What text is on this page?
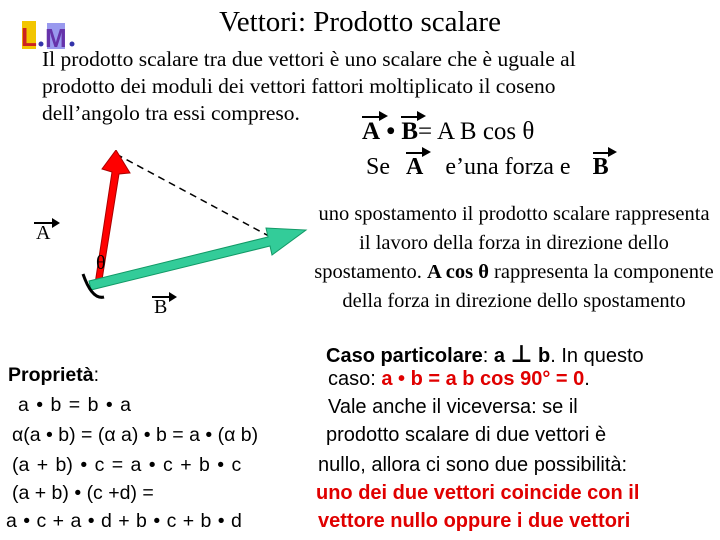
L M	Vettori: Prodotto scalare
Il prodotto scalare tra due vettori è uno scalare che è uguale al
prodotto dei moduli dei vettori fattori moltiplicato il coseno
dell’angolo tra essi compreso.
A • B= A B cos θ
Se A e’una forza e B
uno spostamento il prodotto scalare rappresenta il lavoro della forza in direzione dello spostamento. A cos θ rappresenta la componente della forza in direzione dello spostamento
A
θ
B
Proprietà:
a • b = b • a
α(a • b) = (α a) • b = a • (α b)
(a + b) • c = a • c + b • c
(a + b) • (c +d) =
a • c + a • d + b • c + b • d
Caso particolare: a ⊥ b. In questo
caso: a • b = a b cos 90° = 0.
Vale anche il viceversa: se il
prodotto scalare di due vettori è
nullo, allora ci sono due possibilità:
uno dei due vettori coincide con il
vettore nullo oppure i due vettori
